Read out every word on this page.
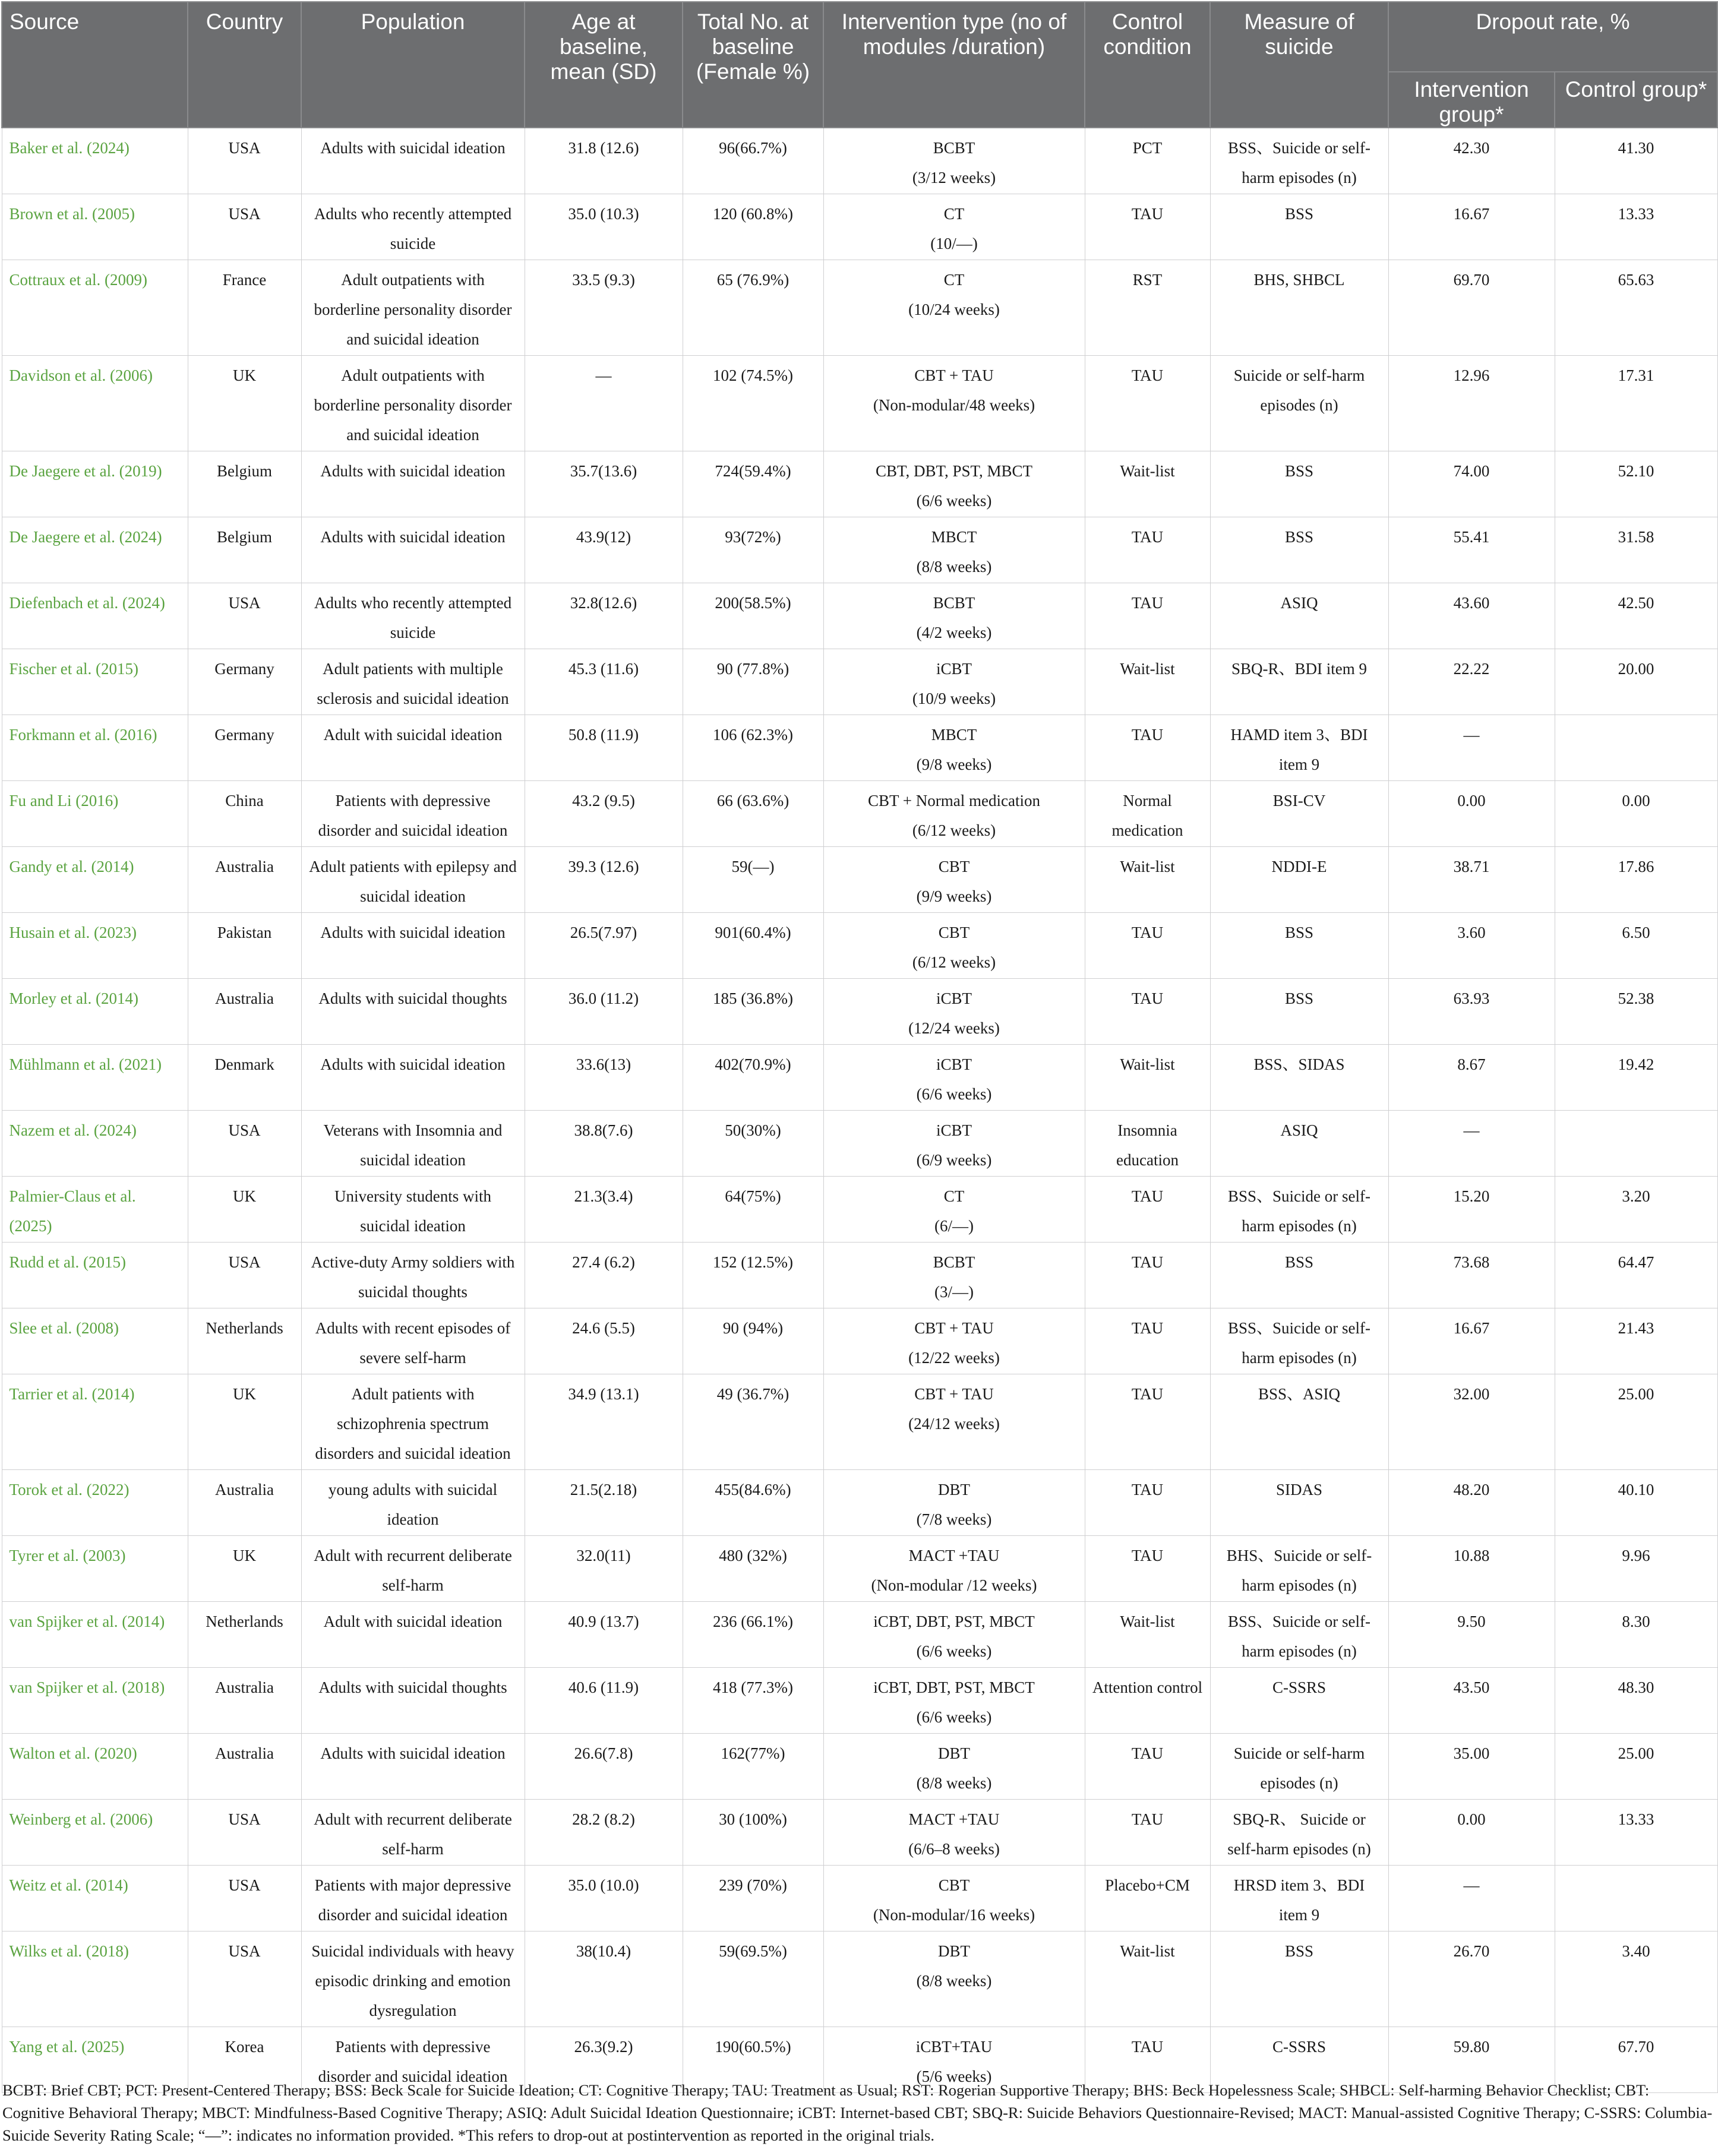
Source	Country	Population	Age at baseline, mean (SD)	Total No. at baseline (Female %)	Intervention type (no of modules /duration)	Control condition	Measure of suicide	Dropout rate, %	
								Intervention group*	Control group*
Baker et al. (2024)	USA	Adults with suicidal ideation	31.8 (12.6)	96(66.7%)	BCBT
(3/12 weeks)	PCT	BSS、Suicide or self-harm episodes (n)	42.30	41.30
Brown et al. (2005)	USA	Adults who recently attempted suicide	35.0 (10.3)	120 (60.8%)	CT
(10/—)	TAU	BSS	16.67	13.33
Cottraux et al. (2009)	France	Adult outpatients with borderline personality disorder and suicidal ideation	33.5 (9.3)	65 (76.9%)	CT
(10/24 weeks)	RST	BHS, SHBCL	69.70	65.63
Davidson et al. (2006)	UK	Adult outpatients with borderline personality disorder and suicidal ideation	—	102 (74.5%)	CBT + TAU
(Non-modular/48 weeks)	TAU	Suicide or self-harm episodes (n)	12.96	17.31
De Jaegere et al. (2019)	Belgium	Adults with suicidal ideation	35.7(13.6)	724(59.4%)	CBT, DBT, PST, MBCT
(6/6 weeks)	Wait-list	BSS	74.00	52.10
De Jaegere et al. (2024)	Belgium	Adults with suicidal ideation	43.9(12)	93(72%)	MBCT
(8/8 weeks)	TAU	BSS	55.41	31.58
Diefenbach et al. (2024)	USA	Adults who recently attempted suicide	32.8(12.6)	200(58.5%)	BCBT
(4/2 weeks)	TAU	ASIQ	43.60	42.50
Fischer et al. (2015)	Germany	Adult patients with multiple sclerosis and suicidal ideation	45.3 (11.6)	90 (77.8%)	iCBT
(10/9 weeks)	Wait-list	SBQ-R、BDI item 9	22.22	20.00
Forkmann et al. (2016)	Germany	Adult with suicidal ideation	50.8 (11.9)	106 (62.3%)	MBCT
(9/8 weeks)	TAU	HAMD item 3、BDI item 9	—	
Fu and Li (2016)	China	Patients with depressive disorder and suicidal ideation	43.2 (9.5)	66 (63.6%)	CBT + Normal medication
(6/12 weeks)	Normal medication	BSI-CV	0.00	0.00
Gandy et al. (2014)	Australia	Adult patients with epilepsy and suicidal ideation	39.3 (12.6)	59(—)	CBT
(9/9 weeks)	Wait-list	NDDI-E	38.71	17.86
Husain et al. (2023)	Pakistan	Adults with suicidal ideation	26.5(7.97)	901(60.4%)	CBT
(6/12 weeks)	TAU	BSS	3.60	6.50
Morley et al. (2014)	Australia	Adults with suicidal thoughts	36.0 (11.2)	185 (36.8%)	iCBT
(12/24 weeks)	TAU	BSS	63.93	52.38
Mühlmann et al. (2021)	Denmark	Adults with suicidal ideation	33.6(13)	402(70.9%)	iCBT
(6/6 weeks)	Wait-list	BSS、SIDAS	8.67	19.42
Nazem et al. (2024)	USA	Veterans with Insomnia and suicidal ideation	38.8(7.6)	50(30%)	iCBT
(6/9 weeks)	Insomnia education	ASIQ	—	
Palmier-Claus et al. (2025)	UK	University students with suicidal ideation	21.3(3.4)	64(75%)	CT
(6/—)	TAU	BSS、Suicide or self-harm episodes (n)	15.20	3.20
Rudd et al. (2015)	USA	Active-duty Army soldiers with suicidal thoughts	27.4 (6.2)	152 (12.5%)	BCBT
(3/—)	TAU	BSS	73.68	64.47
Slee et al. (2008)	Netherlands	Adults with recent episodes of severe self-harm	24.6 (5.5)	90 (94%)	CBT + TAU
(12/22 weeks)	TAU	BSS、Suicide or self-harm episodes (n)	16.67	21.43
Tarrier et al. (2014)	UK	Adult patients with schizophrenia spectrum disorders and suicidal ideation	34.9 (13.1)	49 (36.7%)	CBT + TAU
(24/12 weeks)	TAU	BSS、ASIQ	32.00	25.00
Torok et al. (2022)	Australia	young adults with suicidal ideation	21.5(2.18)	455(84.6%)	DBT
(7/8 weeks)	TAU	SIDAS	48.20	40.10
Tyrer et al. (2003)	UK	Adult with recurrent deliberate self-harm	32.0(11)	480 (32%)	MACT +TAU
(Non-modular /12 weeks)	TAU	BHS、Suicide or self-harm episodes (n)	10.88	9.96
van Spijker et al. (2014)	Netherlands	Adult with suicidal ideation	40.9 (13.7)	236 (66.1%)	iCBT, DBT, PST, MBCT
(6/6 weeks)	Wait-list	BSS、Suicide or self-harm episodes (n)	9.50	8.30
van Spijker et al. (2018)	Australia	Adults with suicidal thoughts	40.6 (11.9)	418 (77.3%)	iCBT, DBT, PST, MBCT
(6/6 weeks)	Attention control	C-SSRS	43.50	48.30
Walton et al. (2020)	Australia	Adults with suicidal ideation	26.6(7.8)	162(77%)	DBT
(8/8 weeks)	TAU	Suicide or self-harm episodes (n)	35.00	25.00
Weinberg et al. (2006)	USA	Adult with recurrent deliberate self-harm	28.2 (8.2)	30 (100%)	MACT +TAU
(6/6–8 weeks)	TAU	SBQ-R、 Suicide or self-harm episodes (n)	0.00	13.33
Weitz et al. (2014)	USA	Patients with major depressive disorder and suicidal ideation	35.0 (10.0)	239 (70%)	CBT
(Non-modular/16 weeks)	Placebo+CM	HRSD item 3、BDI item 9	—	
Wilks et al. (2018)	USA	Suicidal individuals with heavy episodic drinking and emotion dysregulation	38(10.4)	59(69.5%)	DBT
(8/8 weeks)	Wait-list	BSS	26.70	3.40
Yang et al. (2025)	Korea	Patients with depressive disorder and suicidal ideation	26.3(9.2)	190(60.5%)	iCBT+TAU
(5/6 weeks)	TAU	C-SSRS	59.80	67.70

BCBT: Brief CBT; PCT: Present-Centered Therapy; BSS: Beck Scale for Suicide Ideation; CT: Cognitive Therapy; TAU: Treatment as Usual; RST: Rogerian Supportive Therapy; BHS: Beck Hopelessness Scale; SHBCL: Self-harming Behavior Checklist; CBT: Cognitive Behavioral Therapy; MBCT: Mindfulness-Based Cognitive Therapy; ASIQ: Adult Suicidal Ideation Questionnaire; iCBT: Internet-based CBT; SBQ-R: Suicide Behaviors Questionnaire-Revised; MACT: Manual-assisted Cognitive Therapy; C-SSRS: Columbia-Suicide Severity Rating Scale; “—”: indicates no information provided. *This refers to drop-out at postintervention as reported in the original trials.
